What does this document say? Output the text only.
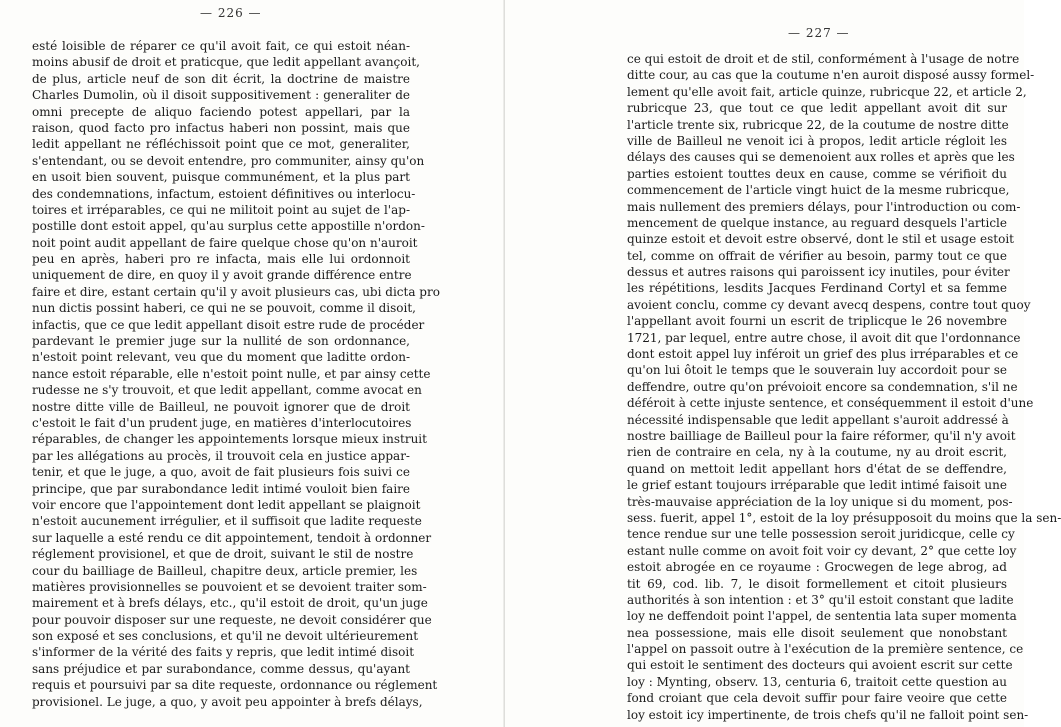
— 226 —
esté loisible de réparer ce qu'il avoit fait, ce qui estoit néan-
moins abusif de droit et praticque, que ledit appellant avançoit,
de plus, article neuf de son dit écrit, la doctrine de maistre
Charles Dumolin, où il disoit suppositivement : generaliter de
omni precepte de aliquo faciendo potest appellari, par la
raison, quod facto pro infactus haberi non possint, mais que
ledit appellant ne réfléchissoit point que ce mot, generaliter,
s'entendant, ou se devoit entendre, pro communiter, ainsy qu'on
en usoit bien souvent, puisque communément, et la plus part
des condemnations, infactum, estoient définitives ou interlocu-
toires et irréparables, ce qui ne militoit point au sujet de l'ap-
postille dont estoit appel, qu'au surplus cette appostille n'ordon-
noit point audit appellant de faire quelque chose qu'on n'auroit
peu en après, haberi pro re infacta, mais elle lui ordonnoit
uniquement de dire, en quoy il y avoit grande différence entre
faire et dire, estant certain qu'il y avoit plusieurs cas, ubi dicta pro
nun dictis possint haberi, ce qui ne se pouvoit, comme il disoit,
infactis, que ce que ledit appellant disoit estre rude de procéder
pardevant le premier juge sur la nullité de son ordonnance,
n'estoit point relevant, veu que du moment que laditte ordon-
nance estoit réparable, elle n'estoit point nulle, et par ainsy cette
rudesse ne s'y trouvoit, et que ledit appellant, comme avocat en
nostre ditte ville de Bailleul, ne pouvoit ignorer que de droit
c'estoit le fait d'un prudent juge, en matières d'interlocutoires
réparables, de changer les appointements lorsque mieux instruit
par les allégations au procès, il trouvoit cela en justice appar-
tenir, et que le juge, a quo, avoit de fait plusieurs fois suivi ce
principe, que par surabondance ledit intimé vouloit bien faire
voir encore que l'appointement dont ledit appellant se plaignoit
n'estoit aucunement irrégulier, et il suffisoit que ladite requeste
sur laquelle a esté rendu ce dit appointement, tendoit à ordonner
réglement provisionel, et que de droit, suivant le stil de nostre
cour du bailliage de Bailleul, chapitre deux, article premier, les
matières provisionnelles se pouvoient et se devoient traiter som-
mairement et à brefs délays, etc., qu'il estoit de droit, qu'un juge
pour pouvoir disposer sur une requeste, ne devoit considérer que
son exposé et ses conclusions, et qu'il ne devoit ultérieurement
s'informer de la vérité des faits y repris, que ledit intimé disoit
sans préjudice et par surabondance, comme dessus, qu'ayant
requis et poursuivi par sa dite requeste, ordonnance ou réglement
provisionel. Le juge, a quo, y avoit peu appointer à brefs délays,
— 227 —
ce qui estoit de droit et de stil, conformément à l'usage de notre
ditte cour, au cas que la coutume n'en auroit disposé aussy formel-
lement qu'elle avoit fait, article quinze, rubricque 22, et article 2,
rubricque 23, que tout ce que ledit appellant avoit dit sur
l'article trente six, rubricque 22, de la coutume de nostre ditte
ville de Bailleul ne venoit ici à propos, ledit article régloit les
délays des causes qui se demenoient aux rolles et après que les
parties estoient touttes deux en cause, comme se vérifioit du
commencement de l'article vingt huict de la mesme rubricque,
mais nullement des premiers délays, pour l'introduction ou com-
mencement de quelque instance, au reguard desquels l'article
quinze estoit et devoit estre observé, dont le stil et usage estoit
tel, comme on offrait de vérifier au besoin, parmy tout ce que
dessus et autres raisons qui paroissent icy inutiles, pour éviter
les répétitions, lesdits Jacques Ferdinand Cortyl et sa femme
avoient conclu, comme cy devant avecq despens, contre tout quoy
l'appellant avoit fourni un escrit de triplicque le 26 novembre
1721, par lequel, entre autre chose, il avoit dit que l'ordonnance
dont estoit appel luy inféroit un grief des plus irréparables et ce
qu'on lui ôtoit le temps que le souverain luy accordoit pour se
deffendre, outre qu'on prévoioit encore sa condemnation, s'il ne
déféroit à cette injuste sentence, et conséquemment il estoit d'une
nécessité indispensable que ledit appellant s'auroit addressé à
nostre bailliage de Bailleul pour la faire réformer, qu'il n'y avoit
rien de contraire en cela, ny à la coutume, ny au droit escrit,
quand on mettoit ledit appellant hors d'état de se deffendre,
le grief estant toujours irréparable que ledit intimé faisoit une
très-mauvaise appréciation de la loy unique si du moment, pos-
sess. fuerit, appel 1°, estoit de la loy présupposoit du moins que la sen-
tence rendue sur une telle possession seroit juridicque, celle cy
estant nulle comme on avoit foit voir cy devant, 2° que cette loy
estoit abrogée en ce royaume : Grocwegen de lege abrog, ad
tit 69, cod. lib. 7, le disoit formellement et citoit plusieurs
authorités à son intention : et 3° qu'il estoit constant que ladite
loy ne deffendoit point l'appel, de sententia lata super momenta
nea possessione, mais elle disoit seulement que nonobstant
l'appel on passoit outre à l'exécution de la première sentence, ce
qui estoit le sentiment des docteurs qui avoient escrit sur cette
loy : Mynting, observ. 13, centuria 6, traitoit cette question au
fond croiant que cela devoit suffir pour faire veoire que cette
loy estoit icy impertinente, de trois chefs qu'il ne falloit point sen-
